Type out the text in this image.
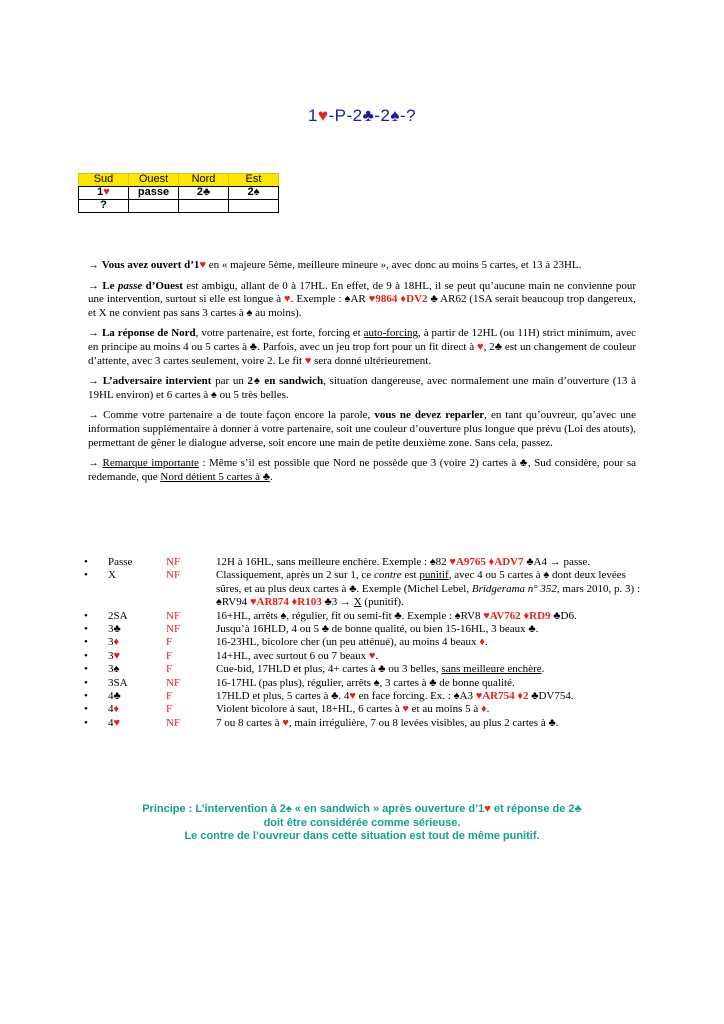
1♥-P-2♣-2♠-?
Sud	Ouest	Nord	Est
1♥	passe	2♣	2♠
?			

→ Vous avez ouvert d’1♥ en « majeure 5ème, meilleure mineure », avec donc au moins 5 cartes, et 13 à 23HL.

→ Le passe d’Ouest est ambigu, allant de 0 à 17HL. En effet, de 9 à 18HL, il se peut qu’aucune main ne convienne pour une intervention, surtout si elle est longue à ♥. Exemple : ♠AR ♥9864 ♦DV2 ♣ AR62 (1SA serait beaucoup trop dangereux, et X ne convient pas sans 3 cartes à ♠ au moins).

→ La réponse de Nord, votre partenaire, est forte, forcing et auto-forcing, à partir de 12HL (ou 11H) strict minimum, avec en principe au moins 4 ou 5 cartes à ♣. Parfois, avec un jeu trop fort pour un fit direct à ♥, 2♣ est un changement de couleur d’attente, avec 3 cartes seulement, voire 2. Le fit ♥ sera donné ultérieurement.

→ L’adversaire intervient par un 2♠ en sandwich, situation dangereuse, avec normalement une main d’ouverture (13 à 19HL environ) et 6 cartes à ♠ ou 5 très belles.

→ Comme votre partenaire a de toute façon encore la parole, vous ne devez reparler, en tant qu’ouvreur, qu’avec une information supplémentaire à donner à votre partenaire, soit une couleur d’ouverture plus longue que prévu (Loi des atouts), permettant de gêner le dialogue adverse, soit encore une main de petite deuxième zone. Sans cela, passez.

→ Remarque importante : Même s’il est possible que Nord ne possède que 3 (voire 2) cartes à ♣, Sud considère, pour sa redemande, que Nord détient 5 cartes à ♣.

•	Passe	NF	12H à 16HL, sans meilleure enchère. Exemple : ♠82 ♥A9765 ♦ADV7 ♣A4 → passe.
•	X	NF	Classiquement, après un 2 sur 1, ce contre est punitif, avec 4 ou 5 cartes à ♠ dont deux levées sûres, et au plus deux cartes à ♣. Exemple (Michel Lebel, Bridgerama n° 352, mars 2010, p. 3) : ♠RV94 ♥AR874 ♦R103 ♣3 → X (punitif).
•	2SA	NF	16+HL, arrêts ♠, régulier, fit ou semi-fit ♣. Exemple : ♠RV8 ♥AV762 ♦RD9 ♣D6.
•	3♣	NF	Jusqu’à 16HLD, 4 ou 5 ♣ de bonne qualité, ou bien 15-16HL, 3 beaux ♣.
•	3♦	F	16-23HL, bicolore cher (un peu atténué), au moins 4 beaux ♦.
•	3♥	F	14+HL, avec surtout 6 ou 7 beaux ♥.
•	3♠	F	Cue-bid, 17HLD et plus, 4+ cartes à ♣ ou 3 belles, sans meilleure enchère.
•	3SA	NF	16-17HL (pas plus), régulier, arrêts ♠, 3 cartes à ♣ de bonne qualité.
•	4♣	F	17HLD et plus, 5 cartes à ♣. 4♥ en face forcing. Ex. : ♠A3 ♥AR754 ♦2 ♣DV754.
•	4♦	F	Violent bicolore à saut, 18+HL, 6 cartes à ♥ et au moins 5 à ♦.
•	4♥	NF	7 ou 8 cartes à ♥, main irrégulière, 7 ou 8 levées visibles, au plus 2 cartes à ♣.
Principe : L’intervention à 2♠ « en sandwich » après ouverture d’1♥ et réponse de 2♣
doit être considérée comme sérieuse.
Le contre de l’ouvreur dans cette situation est tout de même punitif.
